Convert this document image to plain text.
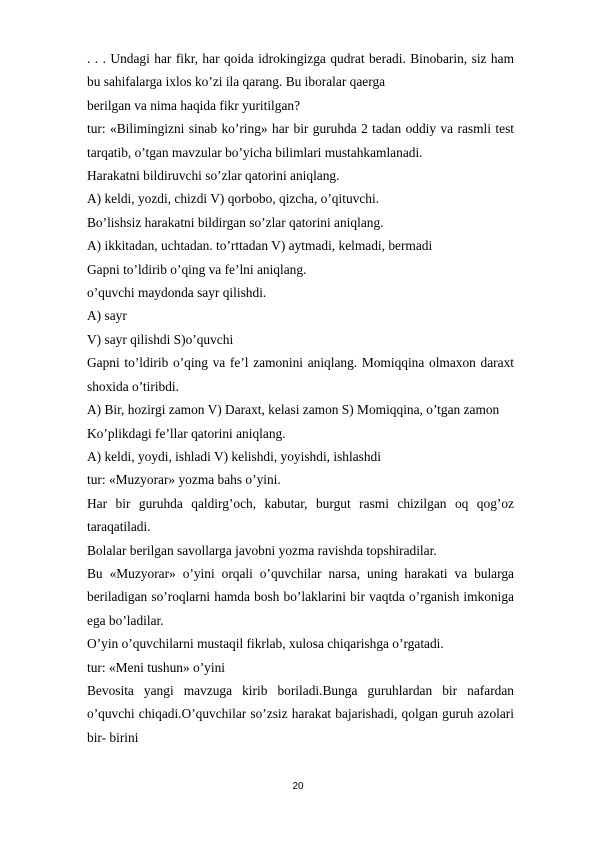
. . . Undagi har fikr, har qoida idrokingizga qudrat beradi. Binobarin, siz ham bu sahifalarga ixlos ko’zi ila qarang. Bu iboralar qaerga

berilgan va nima haqida fikr yuritilgan?

tur: «Bilimingizni sinab ko’ring» har bir guruhda 2 tadan oddiy va rasmli test tarqatib, o’tgan mavzular bo’yicha bilimlari mustahkamlanadi.

Harakatni bildiruvchi so’zlar qatorini aniqlang.

A) keldi, yozdi, chizdi V) qorbobo, qizcha, o’qituvchi.

Bo’lishsiz harakatni bildirgan so’zlar qatorini aniqlang.

A) ikkitadan, uchtadan. to’rttadan V) aytmadi, kelmadi, bermadi

Gapni to’ldirib o’qing va fe’lni aniqlang.

o’quvchi maydonda sayr qilishdi.

A) sayr

V) sayr qilishdi S)o’quvchi

Gapni to’ldirib o’qing va fe’l zamonini aniqlang. Momiqqina olmaxon daraxt shoxida o’tiribdi.

A) Bir, hozirgi zamon V) Daraxt, kelasi zamon S) Momiqqina, o’tgan zamon

Ko’plikdagi fe’llar qatorini aniqlang.

A) keldi, yoydi, ishladi V) kelishdi, yoyishdi, ishlashdi

tur: «Muzyorar» yozma bahs o’yini.

Har bir guruhda qaldirg’och, kabutar, burgut rasmi chizilgan oq qog’oz taraqatiladi.

Bolalar berilgan savollarga javobni yozma ravishda topshiradilar.

Bu «Muzyorar» o’yini orqali o’quvchilar narsa, uning harakati va bularga beriladigan so’roqlarni hamda bosh bo’laklarini bir vaqtda o’rganish imkoniga ega bo’ladilar.

O’yin o’quvchilarni mustaqil fikrlab, xulosa chiqarishga o’rgatadi.

tur: «Meni tushun» o’yini

Bevosita yangi mavzuga kirib boriladi.Bunga guruhlardan bir nafardan o’quvchi chiqadi.O’quvchilar so’zsiz harakat bajarishadi, qolgan guruh azolari bir- birini

20
